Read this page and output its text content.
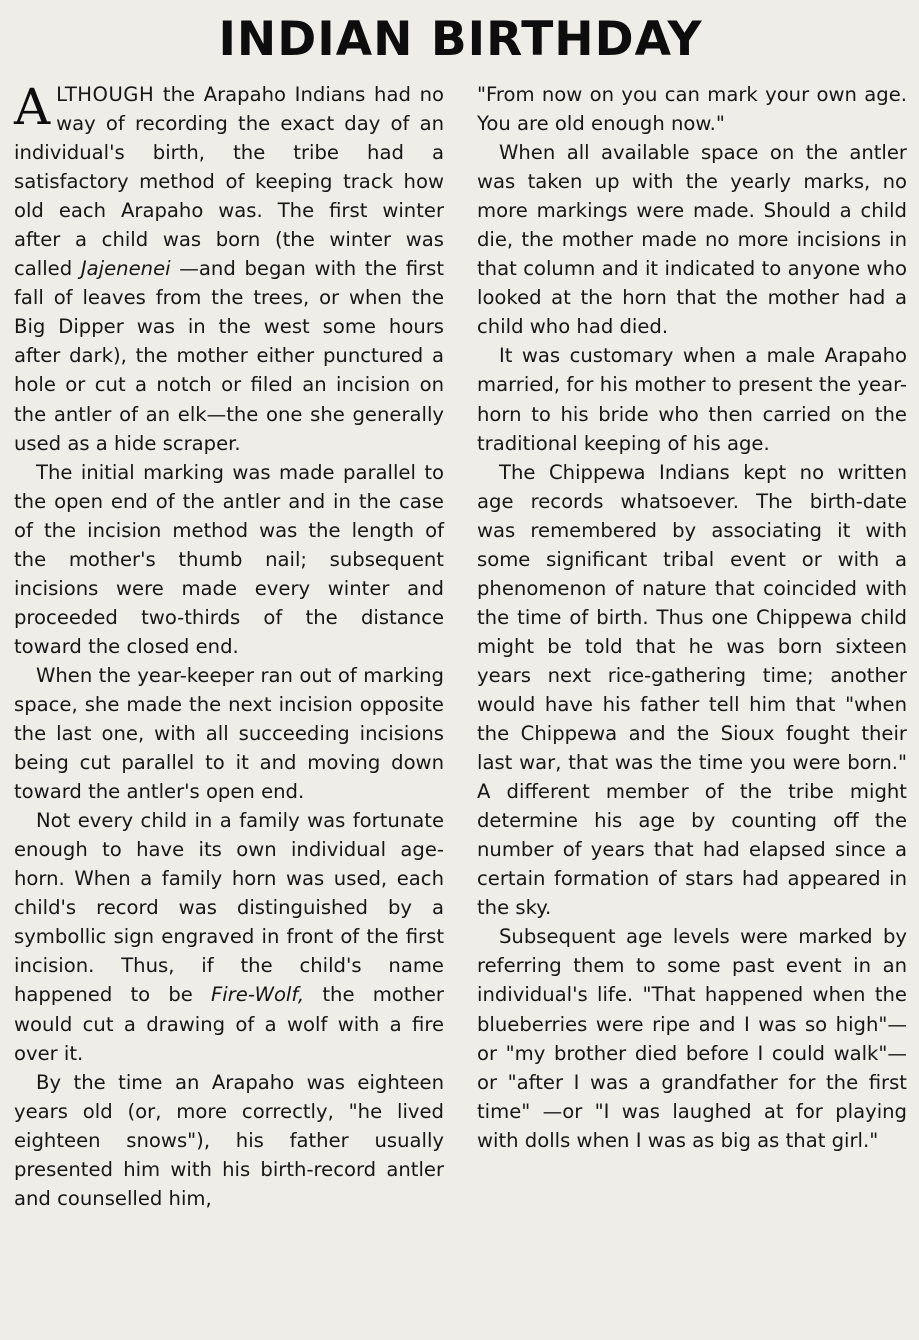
INDIAN BIRTHDAY

ALTHOUGH the Arapaho Indians had no way of recording the exact day of an individual's birth, the tribe had a satisfactory method of keeping track how old each Arapaho was. The first winter after a child was born (the winter was called Jajenenei —and began with the first fall of leaves from the trees, or when the Big Dipper was in the west some hours after dark), the mother either punctured a hole or cut a notch or filed an incision on the antler of an elk—the one she generally used as a hide scraper.

The initial marking was made parallel to the open end of the antler and in the case of the incision method was the length of the mother's thumb nail; subsequent incisions were made every winter and proceeded two-thirds of the distance toward the closed end.

When the year-keeper ran out of marking space, she made the next incision opposite the last one, with all succeeding incisions being cut parallel to it and moving down toward the antler's open end.

Not every child in a family was fortunate enough to have its own individual age-horn. When a family horn was used, each child's record was distinguished by a symbollic sign engraved in front of the first incision. Thus, if the child's name happened to be Fire-Wolf, the mother would cut a drawing of a wolf with a fire over it.

By the time an Arapaho was eighteen years old (or, more correctly, "he lived eighteen snows"), his father usually presented him with his birth-record antler and counselled him,

"From now on you can mark your own age. You are old enough now."

When all available space on the antler was taken up with the yearly marks, no more markings were made. Should a child die, the mother made no more incisions in that column and it indicated to anyone who looked at the horn that the mother had a child who had died.

It was customary when a male Arapaho married, for his mother to present the year-horn to his bride who then carried on the traditional keeping of his age.

The Chippewa Indians kept no written age records whatsoever. The birth-date was remembered by associating it with some significant tribal event or with a phenomenon of nature that coincided with the time of birth. Thus one Chippewa child might be told that he was born sixteen years next rice-gathering time; another would have his father tell him that "when the Chippewa and the Sioux fought their last war, that was the time you were born." A different member of the tribe might determine his age by counting off the number of years that had elapsed since a certain formation of stars had appeared in the sky.

Subsequent age levels were marked by referring them to some past event in an individual's life. "That happened when the blueberries were ripe and I was so high"—or "my brother died before I could walk"—or "after I was a grandfather for the first time" —or "I was laughed at for playing with dolls when I was as big as that girl."
